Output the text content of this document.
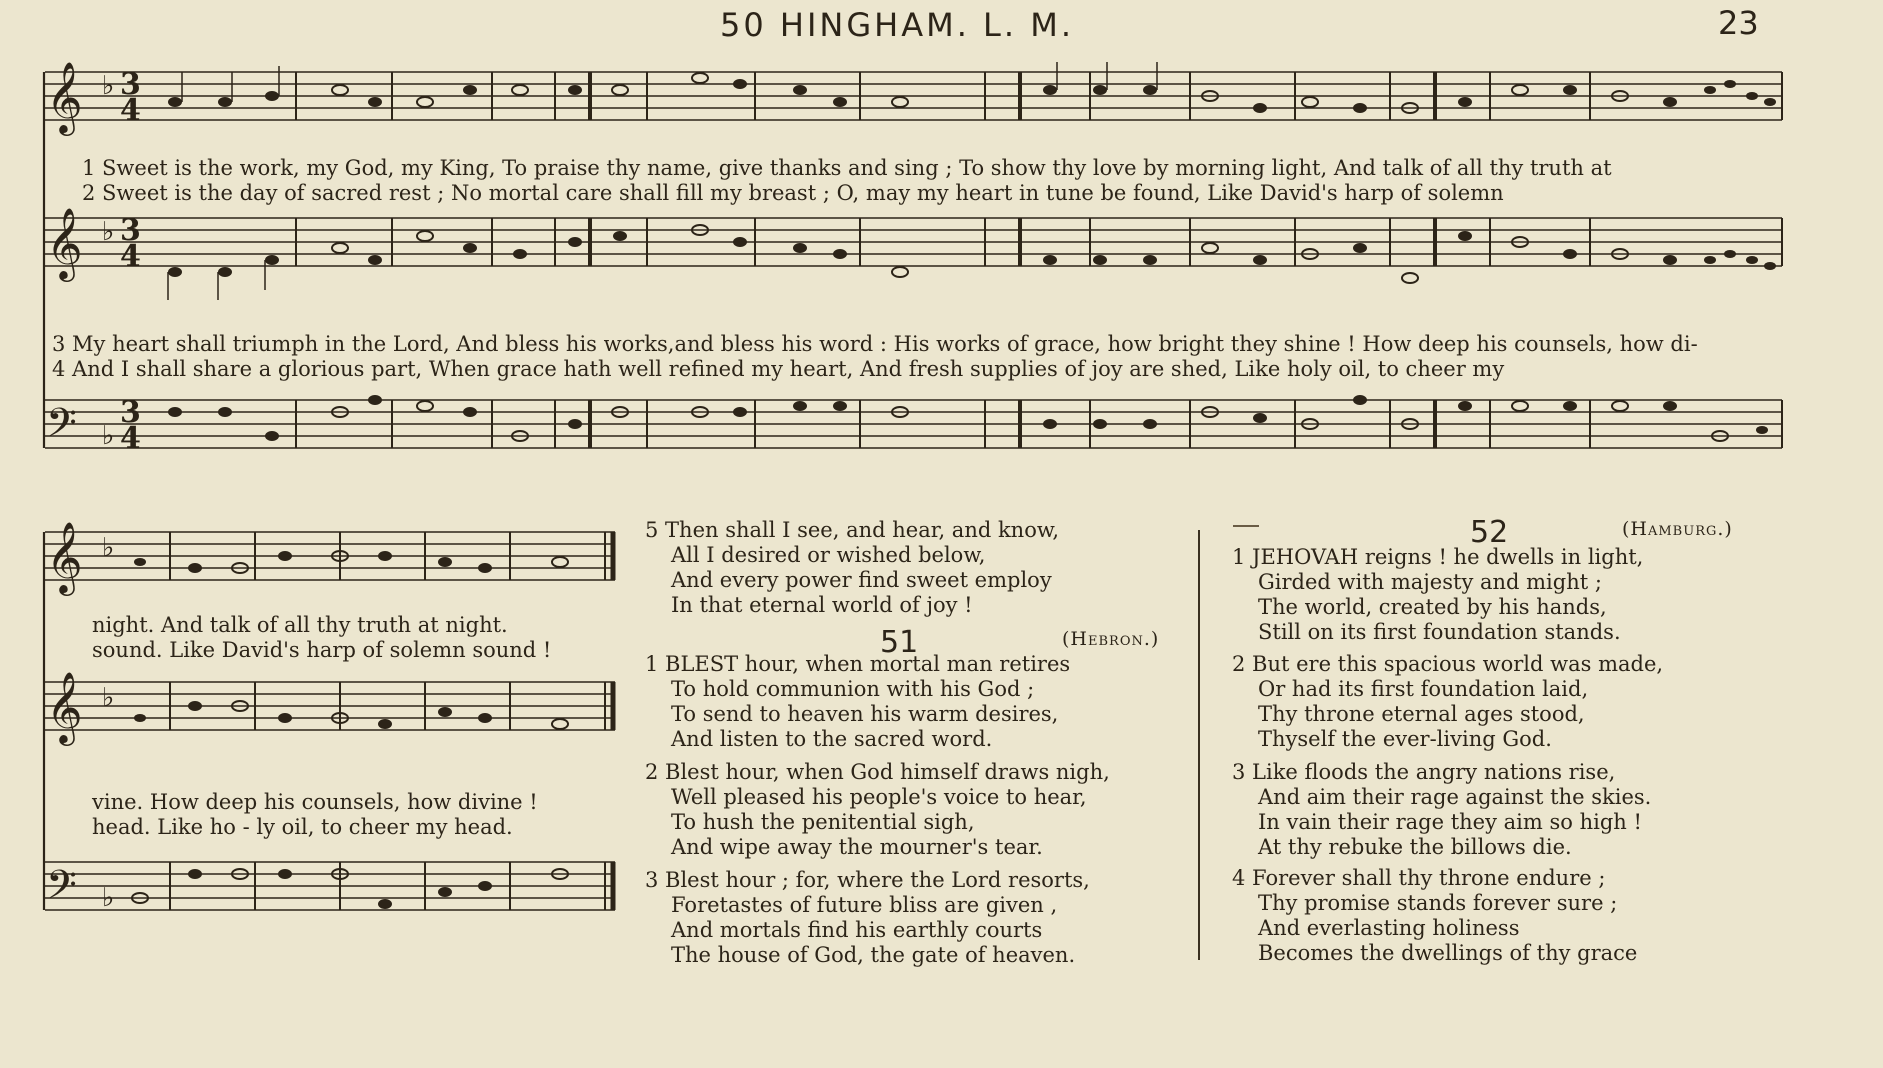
50 HINGHAM. L. M.	23
𝄞
𝄞
𝄢
♭
♭
♭
3
4
3
4
3
4
1 Sweet is the work, my God, my King, To praise thy name, give thanks and sing ; To show thy love by morning light, And talk of all thy truth at
2 Sweet is the day of sacred rest ; No mortal care shall fill my breast ; O, may my heart in tune be found, Like David's harp of solemn
3 My heart shall triumph in the Lord, And bless his works,and bless his word : His works of grace, how bright they shine ! How deep his counsels, how di-
4 And I shall share a glorious part, When grace hath well refined my heart, And fresh supplies of joy are shed, Like holy oil, to cheer my
𝄞
𝄞
𝄢
♭
♭
♭
night. And talk of all thy truth at night.
sound. Like David's harp of solemn sound !
vine. How deep his counsels, how divine !
head. Like ho - ly oil, to cheer my head.
5 Then shall I see, and hear, and know,
All I desired or wished below,
And every power find sweet employ
In that eternal world of joy !
51	(Hebron.)
1 BLEST hour, when mortal man retires
To hold communion with his God ;
To send to heaven his warm desires,
And listen to the sacred word.
2 Blest hour, when God himself draws nigh,
Well pleased his people's voice to hear,
To hush the penitential sigh,
And wipe away the mourner's tear.
3 Blest hour ; for, where the Lord resorts,
Foretastes of future bliss are given ,
And mortals find his earthly courts
The house of God, the gate of heaven.
52	(Hamburg.)
1 JEHOVAH reigns ! he dwells in light,
Girded with majesty and might ;
The world, created by his hands,
Still on its first foundation stands.
2 But ere this spacious world was made,
Or had its first foundation laid,
Thy throne eternal ages stood,
Thyself the ever-living God.
3 Like floods the angry nations rise,
And aim their rage against the skies.
In vain their rage they aim so high !
At thy rebuke the billows die.
4 Forever shall thy throne endure ;
Thy promise stands forever sure ;
And everlasting holiness
Becomes the dwellings of thy grace
